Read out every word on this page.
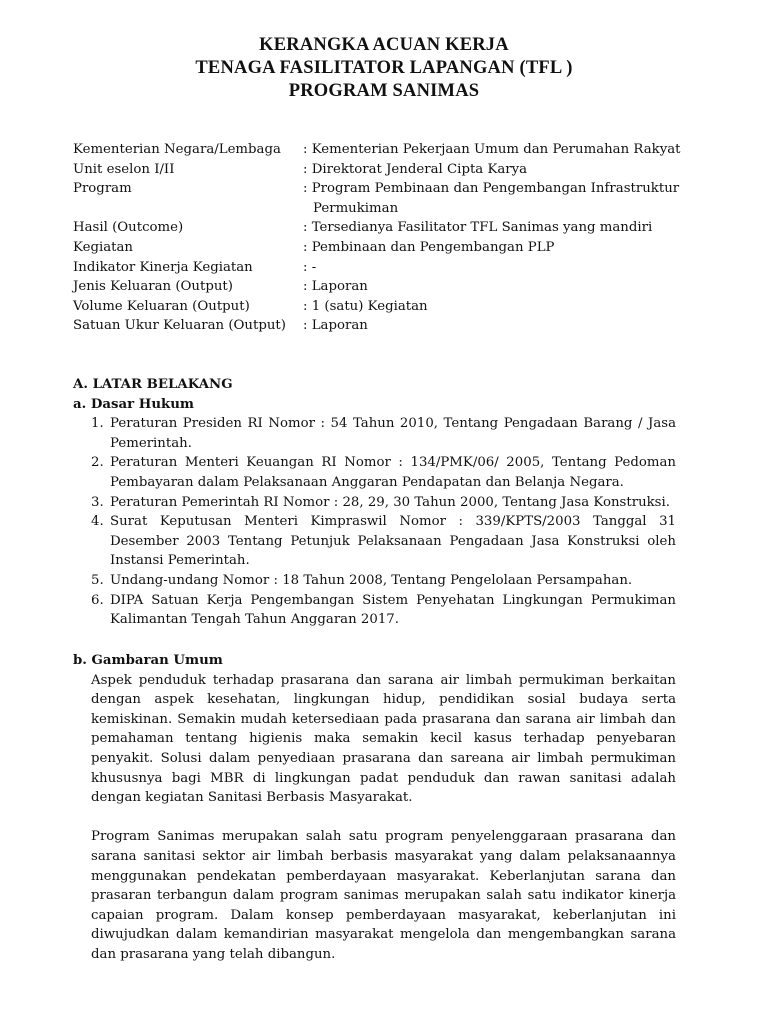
KERANGKA ACUAN KERJA
TENAGA FASILITATOR LAPANGAN (TFL )
PROGRAM SANIMAS
Kementerian Negara/Lembaga	: Kementerian Pekerjaan Umum dan Perumahan Rakyat
Unit eselon I/II	: Direktorat Jenderal Cipta Karya
Program	: Program Pembinaan dan Pengembangan Infrastruktur
Permukiman
Hasil (Outcome)	: Tersedianya Fasilitator TFL Sanimas yang mandiri
Kegiatan	: Pembinaan dan Pengembangan PLP
Indikator Kinerja Kegiatan	: -
Jenis Keluaran (Output)	: Laporan
Volume Keluaran (Output)	: 1 (satu) Kegiatan
Satuan Ukur Keluaran (Output)	: Laporan
A. LATAR BELAKANG
a. Dasar Hukum
1. Peraturan Presiden RI Nomor : 54 Tahun 2010, Tentang Pengadaan Barang / Jasa Pemerintah.
2. Peraturan Menteri Keuangan RI Nomor : 134/PMK/06/ 2005, Tentang Pedoman Pembayaran dalam Pelaksanaan Anggaran Pendapatan dan Belanja Negara.
3. Peraturan Pemerintah RI Nomor : 28, 29, 30 Tahun 2000, Tentang Jasa Konstruksi.
4. Surat Keputusan Menteri Kimpraswil Nomor : 339/KPTS/2003 Tanggal 31 Desember 2003 Tentang Petunjuk Pelaksanaan Pengadaan Jasa Konstruksi oleh Instansi Pemerintah.
5. Undang-undang Nomor : 18 Tahun 2008, Tentang Pengelolaan Persampahan.
6. DIPA Satuan Kerja Pengembangan Sistem Penyehatan Lingkungan Permukiman Kalimantan Tengah Tahun Anggaran 2017.
b. Gambaran Umum

Aspek penduduk terhadap prasarana dan sarana air limbah permukiman berkaitan dengan aspek kesehatan, lingkungan hidup, pendidikan sosial budaya serta kemiskinan. Semakin mudah ketersediaan pada prasarana dan sarana air limbah dan pemahaman tentang higienis maka semakin kecil kasus terhadap penyebaran penyakit. Solusi dalam penyediaan prasarana dan sareana air limbah permukiman khususnya bagi MBR di lingkungan padat penduduk dan rawan sanitasi adalah dengan kegiatan Sanitasi Berbasis Masyarakat.

Program Sanimas merupakan salah satu program penyelenggaraan prasarana dan sarana sanitasi sektor air limbah berbasis masyarakat yang dalam pelaksanaannya menggunakan pendekatan pemberdayaan masyarakat. Keberlanjutan sarana dan prasaran terbangun dalam program sanimas merupakan salah satu indikator kinerja capaian program. Dalam konsep pemberdayaan masyarakat, keberlanjutan ini diwujudkan dalam kemandirian masyarakat mengelola dan mengembangkan sarana dan prasarana yang telah dibangun.
